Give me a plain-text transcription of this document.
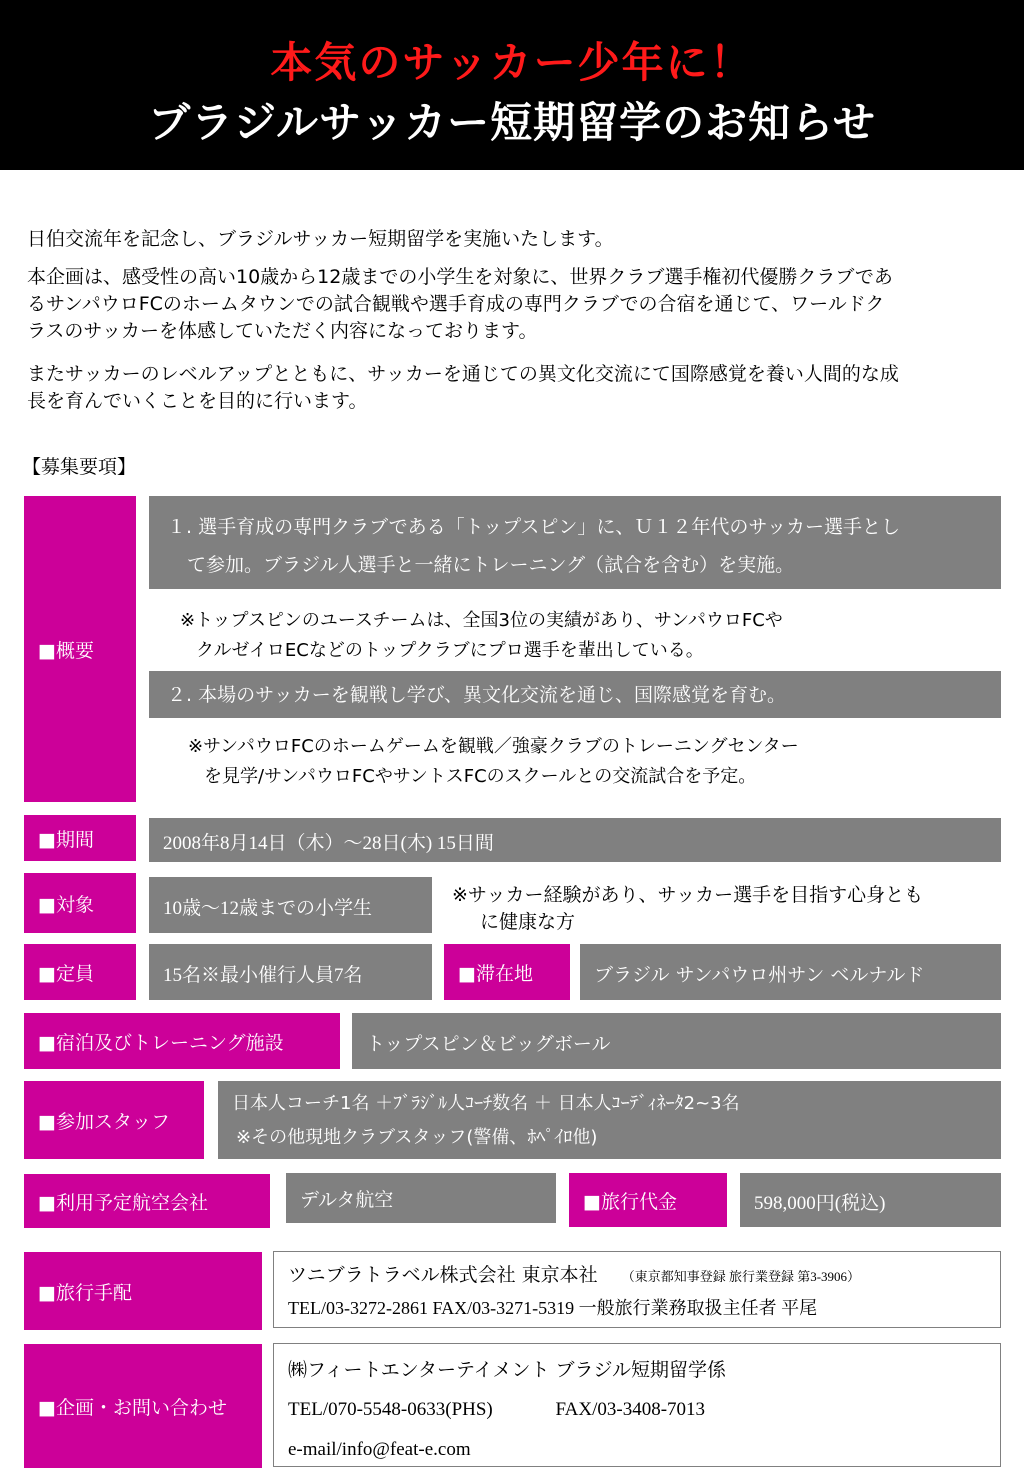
本気のサッカー少年に！
ブラジルサッカー短期留学のお知らせ
日伯交流年を記念し、ブラジルサッカー短期留学を実施いたします。
本企画は、感受性の高い10歳から12歳までの小学生を対象に、世界クラブ選手権初代優勝クラブであ
るサンパウロFCのホームタウンでの試合観戦や選手育成の専門クラブでの合宿を通じて、ワールドク
ラスのサッカーを体感していただく内容になっております。
またサッカーのレベルアップとともに、サッカーを通じての異文化交流にて国際感覚を養い人間的な成
長を育んでいくことを目的に行います。
【募集要項】
■概要
１. 選手育成の専門クラブである「トップスピン」に、Ｕ１２年代のサッカー選手とし
て参加。ブラジル人選手と一緒にトレーニング（試合を含む）を実施。
※トップスピンのユースチームは、全国3位の実績があり、サンパウロFCや
クルゼイロECなどのトップクラブにプロ選手を輩出している。
２. 本場のサッカーを観戦し学び、異文化交流を通じ、国際感覚を育む。
※サンパウロFCのホームゲームを観戦／強豪クラブのトレーニングセンター
を見学/サンパウロFCやサントスFCのスクールとの交流試合を予定。
■期間	2008年8月14日（木）～28日(木) 15日間
■対象	10歳～12歳までの小学生
※サッカー経験があり、サッカー選手を目指す心身とも
に健康な方
■定員	15名※最小催行人員7名	■滞在地	ブラジル サンパウロ州サン ベルナルド
■宿泊及びトレーニング施設	トップスピン＆ビッグボール
■参加スタッフ
日本人コーチ1名 ＋ﾌﾞﾗｼﾞﾙ人ｺｰﾁ数名 ＋ 日本人ｺｰﾃﾞｨﾈｰﾀ2~3名
※その他現地クラブスタッフ(警備、ﾎﾍﾟｲﾛ他)
■利用予定航空会社	デルタ航空	■旅行代金	598,000円(税込)
■旅行手配
ツニブラトラベル株式会社 東京本社 （東京都知事登録 旅行業登録 第3-3906）
TEL/03-3272-2861 FAX/03-3271-5319 一般旅行業務取扱主任者 平尾
■企画・お問い合わせ
㈱フィートエンターテイメント ブラジル短期留学係
TEL/070-5548-0633(PHS)	FAX/03-3408-7013
e-mail/info@feat-e.com
